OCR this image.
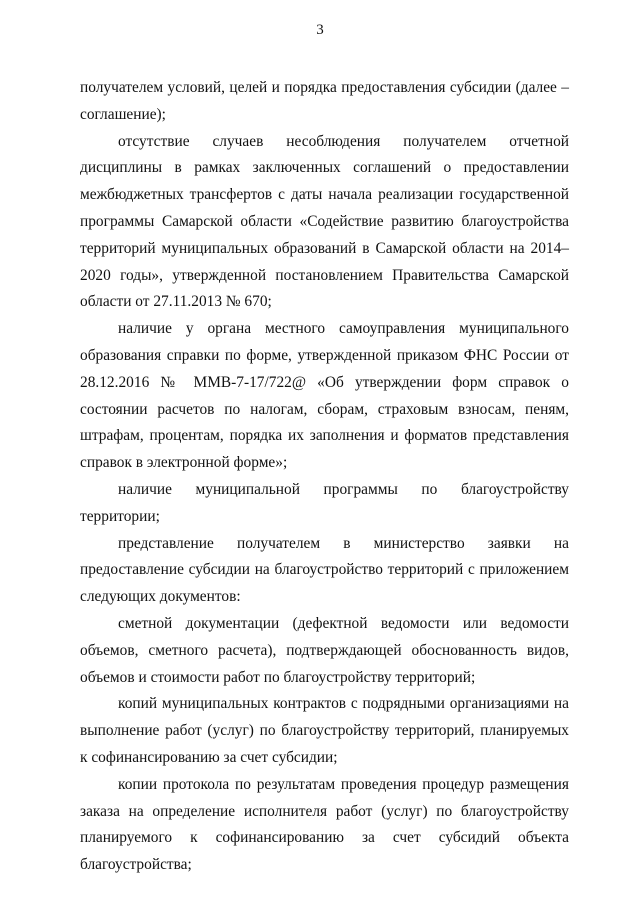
3

получателем условий, целей и порядка предоставления субсидии (далее – соглашение);

отсутствие случаев несоблюдения получателем отчетной дисциплины в рамках заключенных соглашений о предоставлении межбюджетных трансфертов с даты начала реализации государственной программы Самарской области «Содействие развитию благоустройства территорий муниципальных образований в Самарской области на 2014–2020 годы», утвержденной постановлением Правительства Самарской области от 27.11.2013 № 670;

наличие у органа местного самоуправления муниципального образования справки по форме, утвержденной приказом ФНС России от 28.12.2016 № ММВ-7-17/722@ «Об утверждении форм справок о состоянии расчетов по налогам, сборам, страховым взносам, пеням, штрафам, процентам, порядка их заполнения и форматов представления справок в электронной форме»;

наличие муниципальной программы по благоустройству территории;

представление получателем в министерство заявки на предоставление субсидии на благоустройство территорий с приложением следующих документов:

сметной документации (дефектной ведомости или ведомости объемов, сметного расчета), подтверждающей обоснованность видов, объемов и стоимости работ по благоустройству территорий;

копий муниципальных контрактов с подрядными организациями на выполнение работ (услуг) по благоустройству территорий, планируемых к софинансированию за счет субсидии;

копии протокола по результатам проведения процедур размещения заказа на определение исполнителя работ (услуг) по благоустройству планируемого к софинансированию за счет субсидий объекта благоустройства;
